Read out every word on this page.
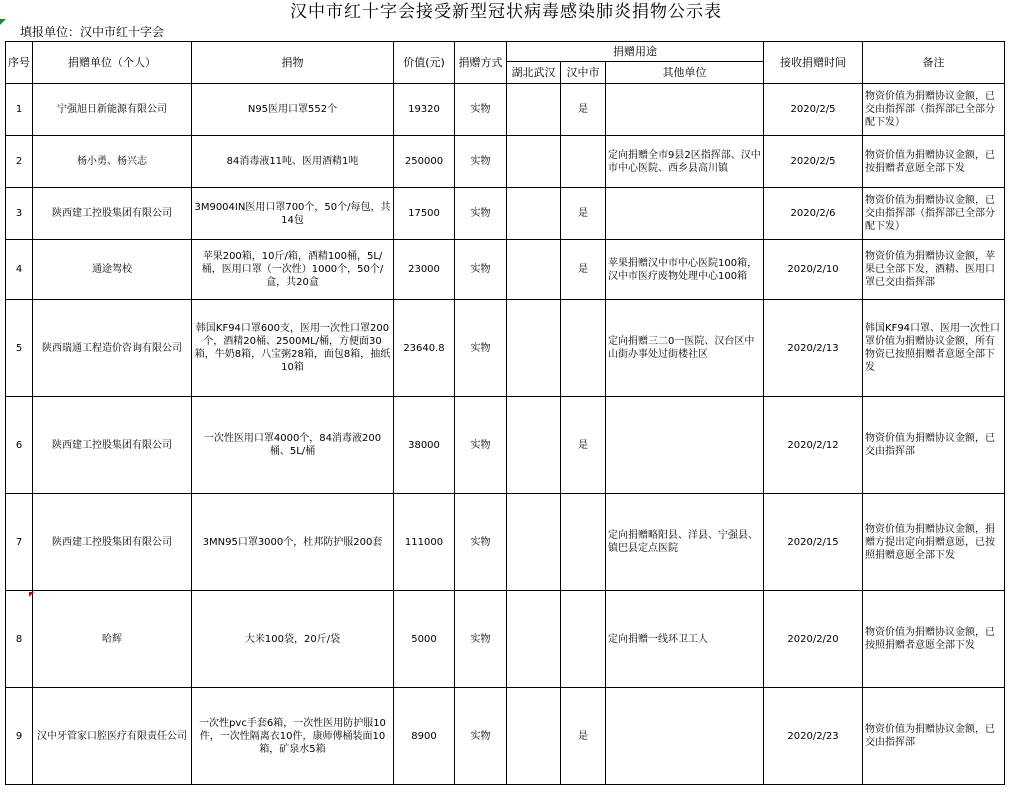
汉中市红十字会接受新型冠状病毒感染肺炎捐物公示表
填报单位：汉中市红十字会
序号	捐赠单位（个人）	捐物	价值(元)	捐赠方式	捐赠用途			接收捐赠时间	备注
					湖北武汉	汉中市	其他单位		
1	宁强旭日新能源有限公司	N95医用口罩552个	19320	实物		是		2020/2/5	物资价值为捐赠协议金额，已交由指挥部（指挥部已全部分配下发）
2	杨小勇、杨兴志	84消毒液11吨、医用酒精1吨	250000	实物			定向捐赠全市9县2区指挥部、汉中市中心医院、西乡县高川镇	2020/2/5	物资价值为捐赠协议金额，已按捐赠者意愿全部下发
3	陕西建工控股集团有限公司	3M9004IN医用口罩700个，50个/每包，共14包	17500	实物		是		2020/2/6	物资价值为捐赠协议金额，已交由指挥部（指挥部已全部分配下发）
4	通途驾校	苹果200箱，10斤/箱，酒精100桶，5L/桶，医用口罩（一次性）1000个，50个/盒，共20盒	23000	实物		是	苹果捐赠汉中市中心医院100箱，汉中市医疗废物处理中心100箱	2020/2/10	物资价值为捐赠协议金额，苹果已全部下发，酒精、医用口罩已交由指挥部
5	陕西瑞通工程造价咨询有限公司	韩国KF94口罩600支，医用一次性口罩200个，酒精20桶、2500ML/桶，方便面30箱，牛奶8箱，八宝粥28箱，面包8箱，抽纸10箱	23640.8	实物			定向捐赠三二0一医院、汉台区中山街办事处过街楼社区	2020/2/13	韩国KF94口罩、医用一次性口罩价值为捐赠协议金额，所有物资已按照捐赠者意愿全部下发
6	陕西建工控股集团有限公司	一次性医用口罩4000个，84消毒液200桶、5L/桶	38000	实物		是		2020/2/12	物资价值为捐赠协议金额，已交由指挥部
7	陕西建工控股集团有限公司	3MN95口罩3000个，杜邦防护服200套	111000	实物			定向捐赠略阳县、洋县、宁强县、镇巴县定点医院	2020/2/15	物资价值为捐赠协议金额，捐赠方提出定向捐赠意愿，已按照捐赠意愿全部下发
8	哈辉	大米100袋，20斤/袋	5000	实物			定向捐赠一线环卫工人	2020/2/20	物资价值为捐赠协议金额，已按照捐赠者意愿全部下发
9	汉中牙管家口腔医疗有限责任公司	一次性pvc手套6箱，一次性医用防护服10件，一次性隔离衣10件，康师傅桶装面10箱，矿泉水5箱	8900	实物		是		2020/2/23	物资价值为捐赠协议金额，已交由指挥部
